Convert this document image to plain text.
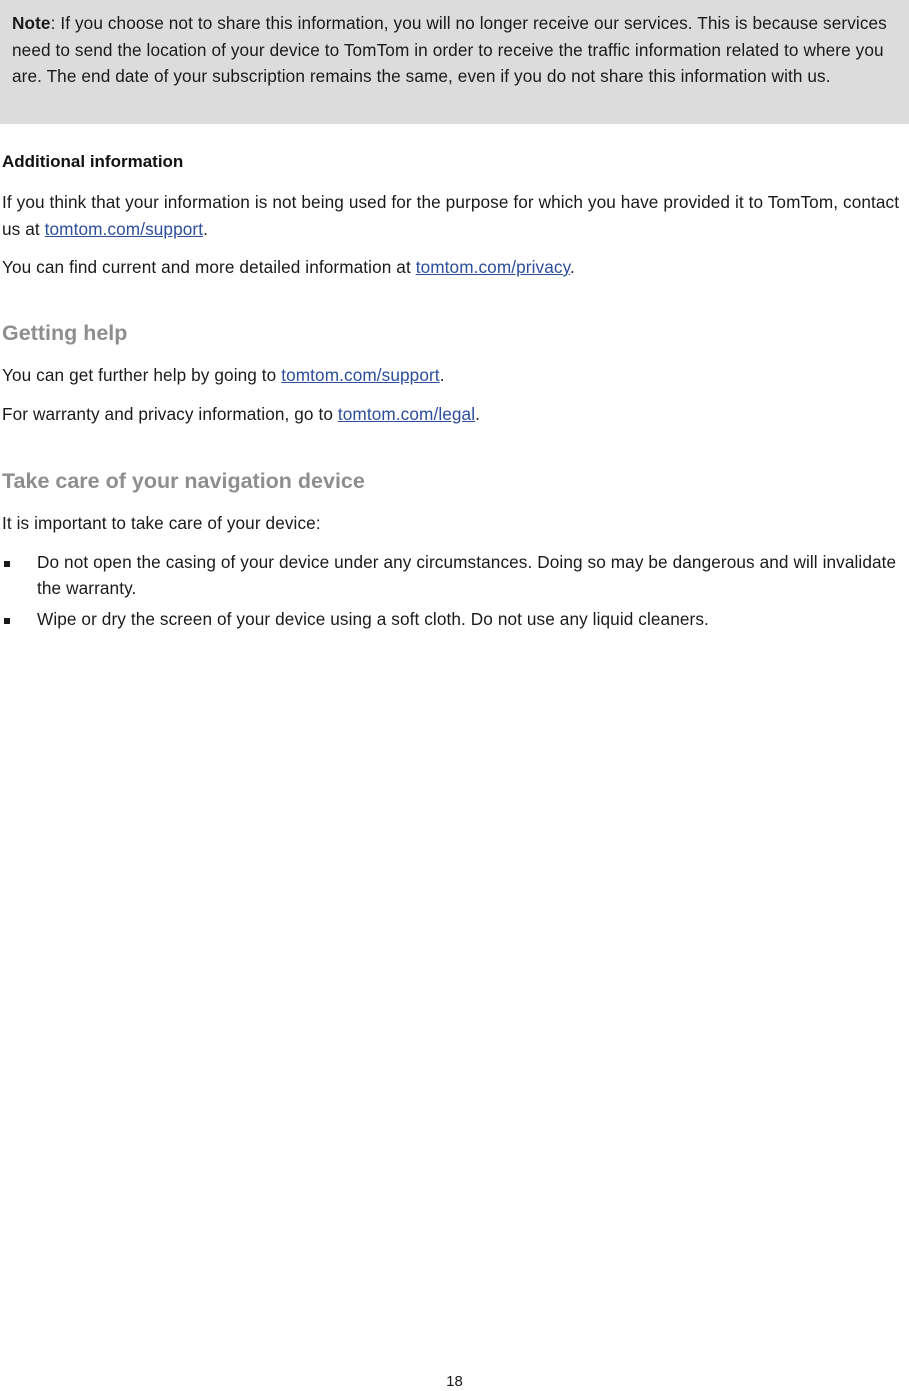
Note: If you choose not to share this information, you will no longer receive our services. This is because services need to send the location of your device to TomTom in order to receive the traffic information related to where you are. The end date of your subscription remains the same, even if you do not share this information with us.
Additional information
If you think that your information is not being used for the purpose for which you have provided it to TomTom, contact us at tomtom.com/support.
You can find current and more detailed information at tomtom.com/privacy.
Getting help
You can get further help by going to tomtom.com/support.
For warranty and privacy information, go to tomtom.com/legal.
Take care of your navigation device
It is important to take care of your device:
Do not open the casing of your device under any circumstances. Doing so may be dangerous and will invalidate the warranty.
Wipe or dry the screen of your device using a soft cloth. Do not use any liquid cleaners.
18
